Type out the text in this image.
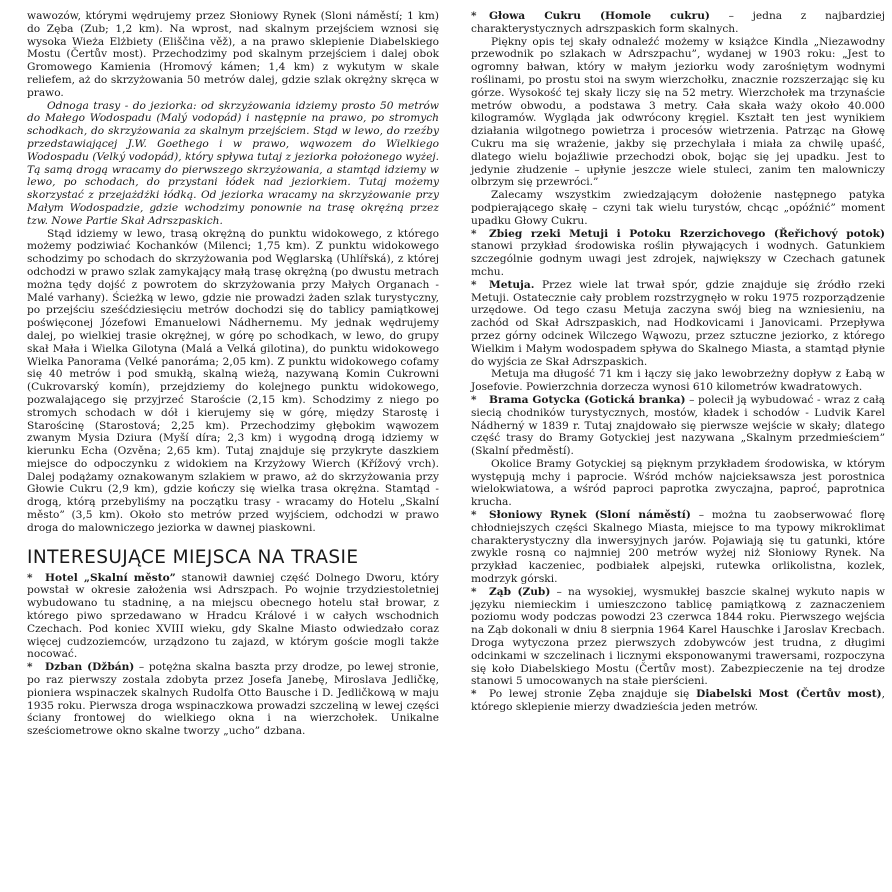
wawozów, którymi wędrujemy przez Słoniowy Rynek (Sloni náměstí; 1 km) do Zęba (Zub; 1,2 km). Na wprost, nad skalnym przejściem wznosi się wysoka Wieża Elżbiety (Eliščina věž), a na prawo sklepienie Diabelskiego Mostu (Čertův most). Przechodzimy pod skalnym przejściem i dalej obok Gromowego Kamienia (Hromový kámen; 1,4 km) z wykutym w skale reliefem, aż do skrzyżowania 50 metrów dalej, gdzie szlak okrężny skręca w prawo.

Odnoga trasy - do jeziorka: od skrzyżowania idziemy prosto 50 metrów do Małego Wodospadu (Malý vodopád) i następnie na prawo, po stromych schodkach, do skrzyżowania za skalnym przejściem. Stąd w lewo, do rzeźby przedstawiającej J.W. Goethego i w prawo, wąwozem do Wielkiego Wodospadu (Velký vodopád), który spływa tutaj z jeziorka położonego wyżej. Tą samą drogą wracamy do pierwszego skrzyżowania, a stamtąd idziemy w lewo, po schodach, do przystani łódek nad jeziorkiem. Tutaj możemy skorzystać z przejażdżki łódką. Od jeziorka wracamy na skrzyżowanie przy Małym Wodospadzie, gdzie wchodzimy ponownie na trasę okrężną przez tzw. Nowe Partie Skał Adrszpaskich.

Stąd idziemy w lewo, trasą okrężną do punktu widokowego, z którego możemy podziwiać Kochanków (Milenci; 1,75 km). Z punktu widokowego schodzimy po schodach do skrzyżowania pod Węglarską (Uhlířská), z której odchodzi w prawo szlak zamykający małą trasę okrężną (po dwustu metrach można tędy dojść z powrotem do skrzyżowania przy Małych Organach - Malé varhany). Ścieżką w lewo, gdzie nie prowadzi żaden szlak turystyczny, po przejściu sześćdziesięciu metrów dochodzi się do tablicy pamiątkowej poświęconej Józefowi Emanuelowi Nádhernemu. My jednak wędrujemy dalej, po wielkiej trasie okrężnej, w górę po schodkach, w lewo, do grupy skał Mała i Wielka Gilotyna (Malá a Velká gilotina), do punktu widokowego Wielka Panorama (Velké panoráma; 2,05 km). Z punktu widokowego cofamy się 40 metrów i pod smukłą, skalną wieżą, nazywaną Komin Cukrowni (Cukrovarský komín), przejdziemy do kolejnego punktu widokowego, pozwalającego się przyjrzeć Staroście (2,15 km). Schodzimy z niego po stromych schodach w dół i kierujemy się w górę, między Starostę i Starościnę (Starostová; 2,25 km). Przechodzimy głębokim wąwozem zwanym Mysia Dziura (Myší díra; 2,3 km) i wygodną drogą idziemy w kierunku Echa (Ozvěna; 2,65 km). Tutaj znajduje się przykryte daszkiem miejsce do odpoczynku z widokiem na Krzyżowy Wierch (Křížový vrch). Dalej podążamy oznakowanym szlakiem w prawo, aż do skrzyżowania przy Głowie Cukru (2,9 km), gdzie kończy się wielka trasa okrężna. Stamtąd - drogą, którą przebyliśmy na początku trasy - wracamy do Hotelu „Skalní město” (3,5 km). Około sto metrów przed wyjściem, odchodzi w prawo droga do malowniczego jeziorka w dawnej piaskowni.

INTERESUJĄCE MIEJSCA NA TRASIE

* Hotel „Skalní město” stanowił dawniej część Dolnego Dworu, który powstał w okresie założenia wsi Adrszpach. Po wojnie trzydziestoletniej wybudowano tu stadninę, a na miejscu obecnego hotelu stał browar, z którego piwo sprzedawano w Hradcu Králové i w całych wschodnich Czechach. Pod koniec XVIII wieku, gdy Skalne Miasto odwiedzało coraz więcej cudzoziemców, urządzono tu zajazd, w którym goście mogli także nocować.

* Dzban (Džbán) – potężna skalna baszta przy drodze, po lewej stronie, po raz pierwszy zostala zdobyta przez Josefa Janebę, Miroslava Jedličkę, pioniera wspinaczek skalnych Rudolfa Otto Bausche i D. Jedličkową w maju 1935 roku. Pierwsza droga wspinaczkowa prowadzi szczeliną w lewej części ściany frontowej do wielkiego okna i na wierzchołek. Unikalne sześciometrowe okno skalne tworzy „ucho” dzbana.

* Głowa Cukru (Homole cukru) – jedna z najbardziej charakterystycznych adrszpaskich form skalnych.

Piękny opis tej skały odnaleźć możemy w książce Kindla „Niezawodny przewodnik po szlakach w Adrszpachu”, wydanej w 1903 roku: „Jest to ogromny bałwan, który w małym jeziorku wody zarośniętym wodnymi roślinami, po prostu stoi na swym wierzchołku, znacznie rozszerzając się ku górze. Wysokość tej skały liczy się na 52 metry. Wierzchołek ma trzynaście metrów obwodu, a podstawa 3 metry. Cała skała waży około 40.000 kilogramów. Wygląda jak odwrócony kręgiel. Kształt ten jest wynikiem działania wilgotnego powietrza i procesów wietrzenia. Patrząc na Głowę Cukru ma się wrażenie, jakby się przechylała i miała za chwilę upaść, dlatego wielu bojaźliwie przechodzi obok, bojąc się jej upadku. Jest to jedynie złudzenie – upłynie jeszcze wiele stuleci, zanim ten malowniczy olbrzym się przewróci.”

Zalecamy wszystkim zwiedzającym dołożenie następnego patyka podpierającego skałę – czyni tak wielu turystów, chcąc „opóźnić” moment upadku Głowy Cukru.

* Zbieg rzeki Metuji i Potoku Rzerzichovego (Řeřichový potok) stanowi przykład środowiska roślin pływających i wodnych. Gatunkiem szczególnie godnym uwagi jest zdrojek, największy w Czechach gatunek mchu.

* Metuja. Przez wiele lat trwał spór, gdzie znajduje się źródło rzeki Metuji. Ostatecznie cały problem rozstrzygnęło w roku 1975 rozporządzenie urzędowe. Od tego czasu Metuja zaczyna swój bieg na wzniesieniu, na zachód od Skał Adrszpaskich, nad Hodkovicami i Janovicami. Przepływa przez górny odcinek Wilczego Wąwozu, przez sztuczne jeziorko, z którego Wielkim i Małym wodospadem spływa do Skalnego Miasta, a stamtąd płynie do wyjścia ze Skał Adrszpaskich.

Metuja ma długość 71 km i łączy się jako lewobrzeżny dopływ z Łabą w Josefovie. Powierzchnia dorzecza wynosi 610 kilometrów kwadratowych.

* Brama Gotycka (Gotická branka) – polecił ją wybudować - wraz z całą siecią chodników turystycznych, mostów, kładek i schodów - Ludvik Karel Nádherný w 1839 r. Tutaj znajdowało się pierwsze wejście w skały; dlatego część trasy do Bramy Gotyckiej jest nazywana „Skalnym przedmieściem” (Skalní předměstí).

Okolice Bramy Gotyckiej są pięknym przykładem środowiska, w którym występują mchy i paprocie. Wśród mchów najcieksawsza jest porostnica wielokwiatowa, a wśród paproci paprotka zwyczajna, paproć, paprotnica krucha.

* Słoniowy Rynek (Sloní náměstí) – można tu zaobserwować florę chłodniejszych części Skalnego Miasta, miejsce to ma typowy mikroklimat charakterystyczny dla inwersyjnych jarów. Pojawiają się tu gatunki, które zwykle rosną co najmniej 200 metrów wyżej niż Słoniowy Rynek. Na przykład kaczeniec, podbiałek alpejski, rutewka orlikolistna, kozlek, modrzyk górski.

* Ząb (Zub) – na wysokiej, wysmukłej baszcie skalnej wykuto napis w języku niemieckim i umieszczono tablicę pamiątkową z zaznaczeniem poziomu wody podczas powodzi 23 czerwca 1844 roku. Pierwszego wejścia na Ząb dokonali w dniu 8 sierpnia 1964 Karel Hauschke i Jaroslav Krecbach. Droga wytyczona przez pierwszych zdobywców jest trudna, z długimi odcinkami w szczelinach i licznymi eksponowanymi trawersami, rozpoczyna się koło Diabelskiego Mostu (Čertův most). Zabezpieczenie na tej drodze stanowi 5 umocowanych na stałe pierścieni.

* Po lewej stronie Zęba znajduje się Diabelski Most (Čertův most), którego sklepienie mierzy dwadzieścia jeden metrów.
